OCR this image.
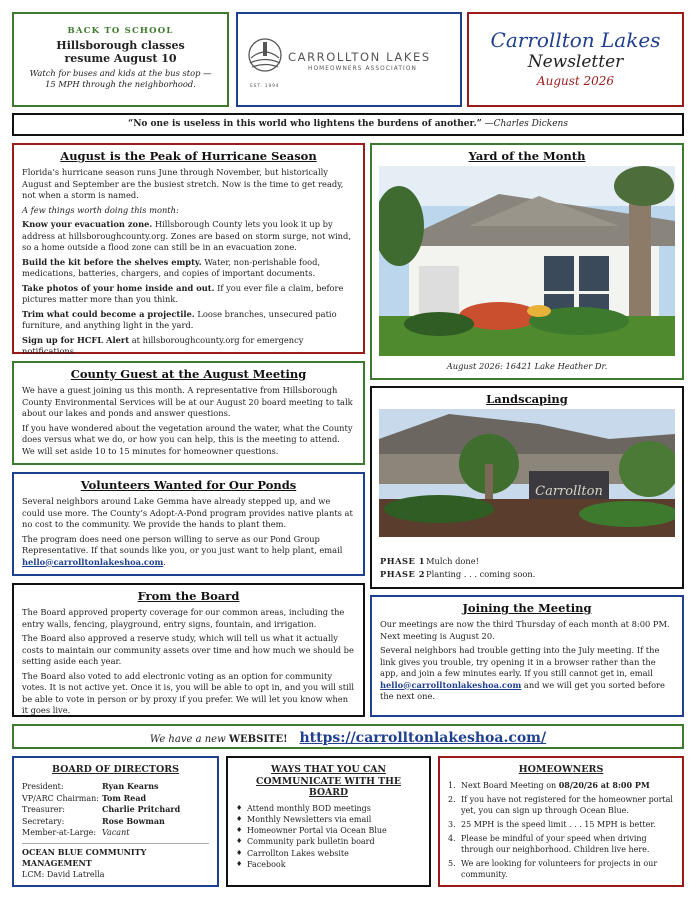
BACK TO SCHOOL
Hillsborough classes
resume August 10
Watch for buses and kids at the bus stop — 15 MPH through the neighborhood.
CARROLLTON LAKES
HOMEOWNERS ASSOCIATION
EST. 1994
Carrollton Lakes
Newsletter
August 2026
“No one is useless in this world who lightens the burdens of another.” —Charles Dickens
August is the Peak of Hurricane Season

Florida’s hurricane season runs June through November, but historically August and September are the busiest stretch. Now is the time to get ready, not when a storm is named.

A few things worth doing this month:

Know your evacuation zone. Hillsborough County lets you look it up by address at hillsboroughcounty.org. Zones are based on storm surge, not wind, so a home outside a flood zone can still be in an evacuation zone.

Build the kit before the shelves empty. Water, non-perishable food, medications, batteries, chargers, and copies of important documents.

Take photos of your home inside and out. If you ever file a claim, before pictures matter more than you think.

Trim what could become a projectile. Loose branches, unsecured patio furniture, and anything light in the yard.

Sign up for HCFL Alert at hillsboroughcounty.org for emergency notifications.

Yard of the Month
August 2026: 16421 Lake Heather Dr.
County Guest at the August Meeting

We have a guest joining us this month. A representative from Hillsborough County Environmental Services will be at our August 20 board meeting to talk about our lakes and ponds and answer questions.

If you have wondered about the vegetation around the water, what the County does versus what we do, or how you can help, this is the meeting to attend. We will set aside 10 to 15 minutes for homeowner questions.

Landscaping
Carrollton
PHASE 1Mulch done!
PHASE 2Planting . . . coming soon.
Volunteers Wanted for Our Ponds

Several neighbors around Lake Gemma have already stepped up, and we could use more. The County’s Adopt-A-Pond program provides native plants at no cost to the community. We provide the hands to plant them.

The program does need one person willing to serve as our Pond Group Representative. If that sounds like you, or you just want to help plant, email hello@carrolltonlakeshoa.com.

From the Board

The Board approved property coverage for our common areas, including the entry walls, fencing, playground, entry signs, fountain, and irrigation.

The Board also approved a reserve study, which will tell us what it actually costs to maintain our community assets over time and how much we should be setting aside each year.

The Board also voted to add electronic voting as an option for community votes. It is not active yet. Once it is, you will be able to opt in, and you will still be able to vote in person or by proxy if you prefer. We will let you know when it goes live.

Joining the Meeting

Our meetings are now the third Thursday of each month at 8:00 PM. Next meeting is August 20.

Several neighbors had trouble getting into the July meeting. If the link gives you trouble, try opening it in a browser rather than the app, and join a few minutes early. If you still cannot get in, email hello@carrolltonlakeshoa.com and we will get you sorted before the next one.

We have a new WEBSITE! https://carrolltonlakeshoa.com/
BOARD OF DIRECTORS
President:	Ryan Kearns
VP/ARC Chairman: Tom Read
Treasurer:	Charlie Pritchard
Secretary:	Rose Bowman
Member-at-Large: Vacant
OCEAN BLUE COMMUNITY MANAGEMENT
LCM: David Latrella
WAYS THAT YOU CAN COMMUNICATE WITH THE BOARD
♦ Attend monthly BOD meetings
♦ Monthly Newsletters via email
♦ Homeowner Portal via Ocean Blue
♦ Community park bulletin board
♦ Carrollton Lakes website
♦ Facebook
HOMEOWNERS
1. Next Board Meeting on 08/20/26 at 8:00 PM
2. If you have not registered for the homeowner portal yet, you can sign up through Ocean Blue.
3. 25 MPH is the speed limit . . . 15 MPH is better.
4. Please be mindful of your speed when driving through our neighborhood. Children live here.
5. We are looking for volunteers for projects in our community.
